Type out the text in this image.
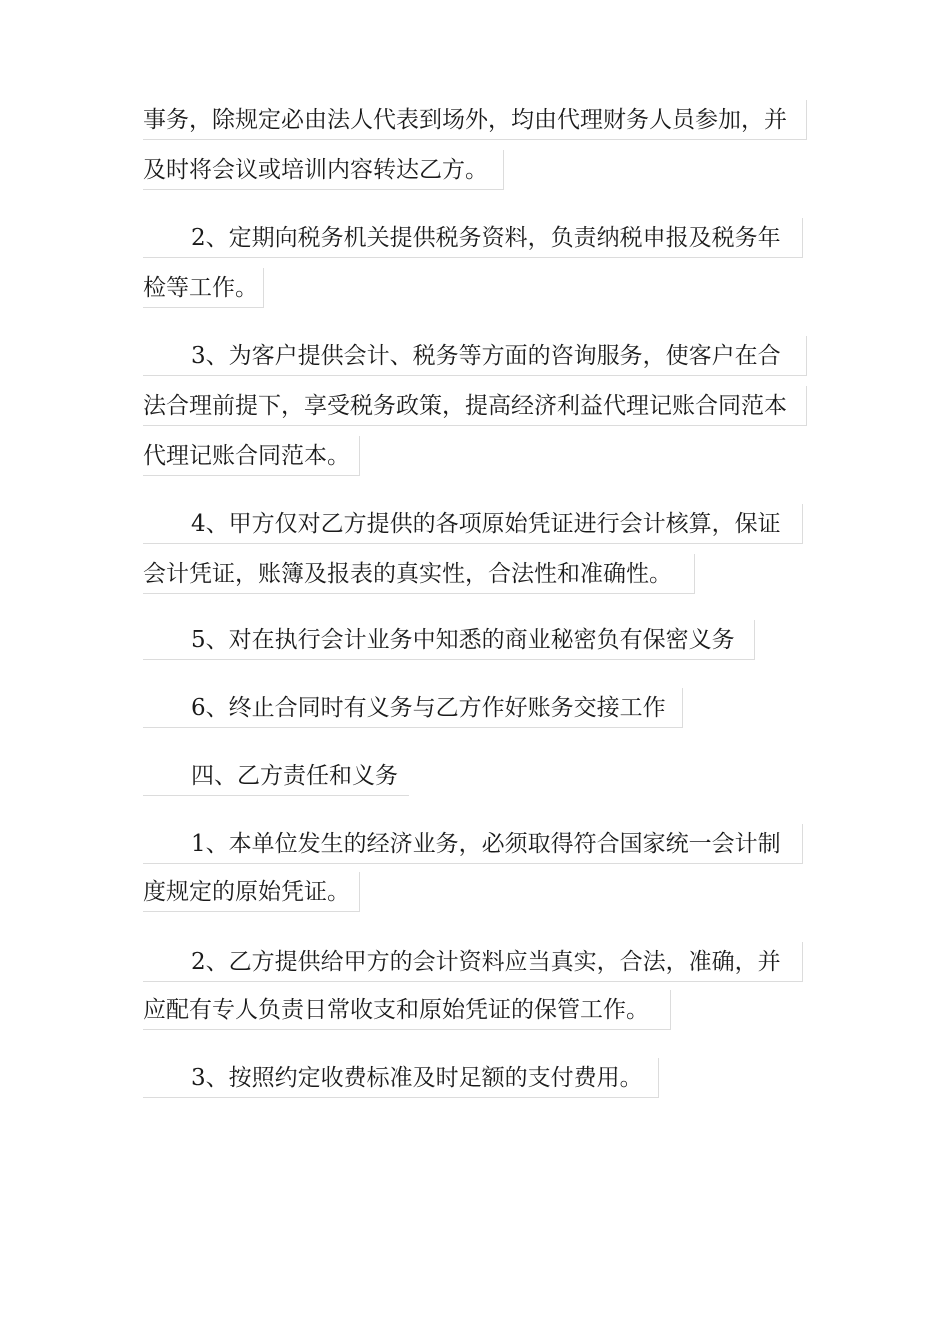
事务，除规定必由法人代表到场外，均由代理财务人员参加，并
及时将会议或培训内容转达乙方。
2、定期向税务机关提供税务资料，负责纳税申报及税务年
检等工作。
3、为客户提供会计、税务等方面的咨询服务，使客户在合
法合理前提下，享受税务政策，提高经济利益代理记账合同范本
代理记账合同范本。
4、甲方仅对乙方提供的各项原始凭证进行会计核算，保证
会计凭证，账簿及报表的真实性，合法性和准确性。
5、对在执行会计业务中知悉的商业秘密负有保密义务
6、终止合同时有义务与乙方作好账务交接工作
四、乙方责任和义务
1、本单位发生的经济业务，必须取得符合国家统一会计制
度规定的原始凭证。
2、乙方提供给甲方的会计资料应当真实，合法，准确，并
应配有专人负责日常收支和原始凭证的保管工作。
3、按照约定收费标准及时足额的支付费用。
